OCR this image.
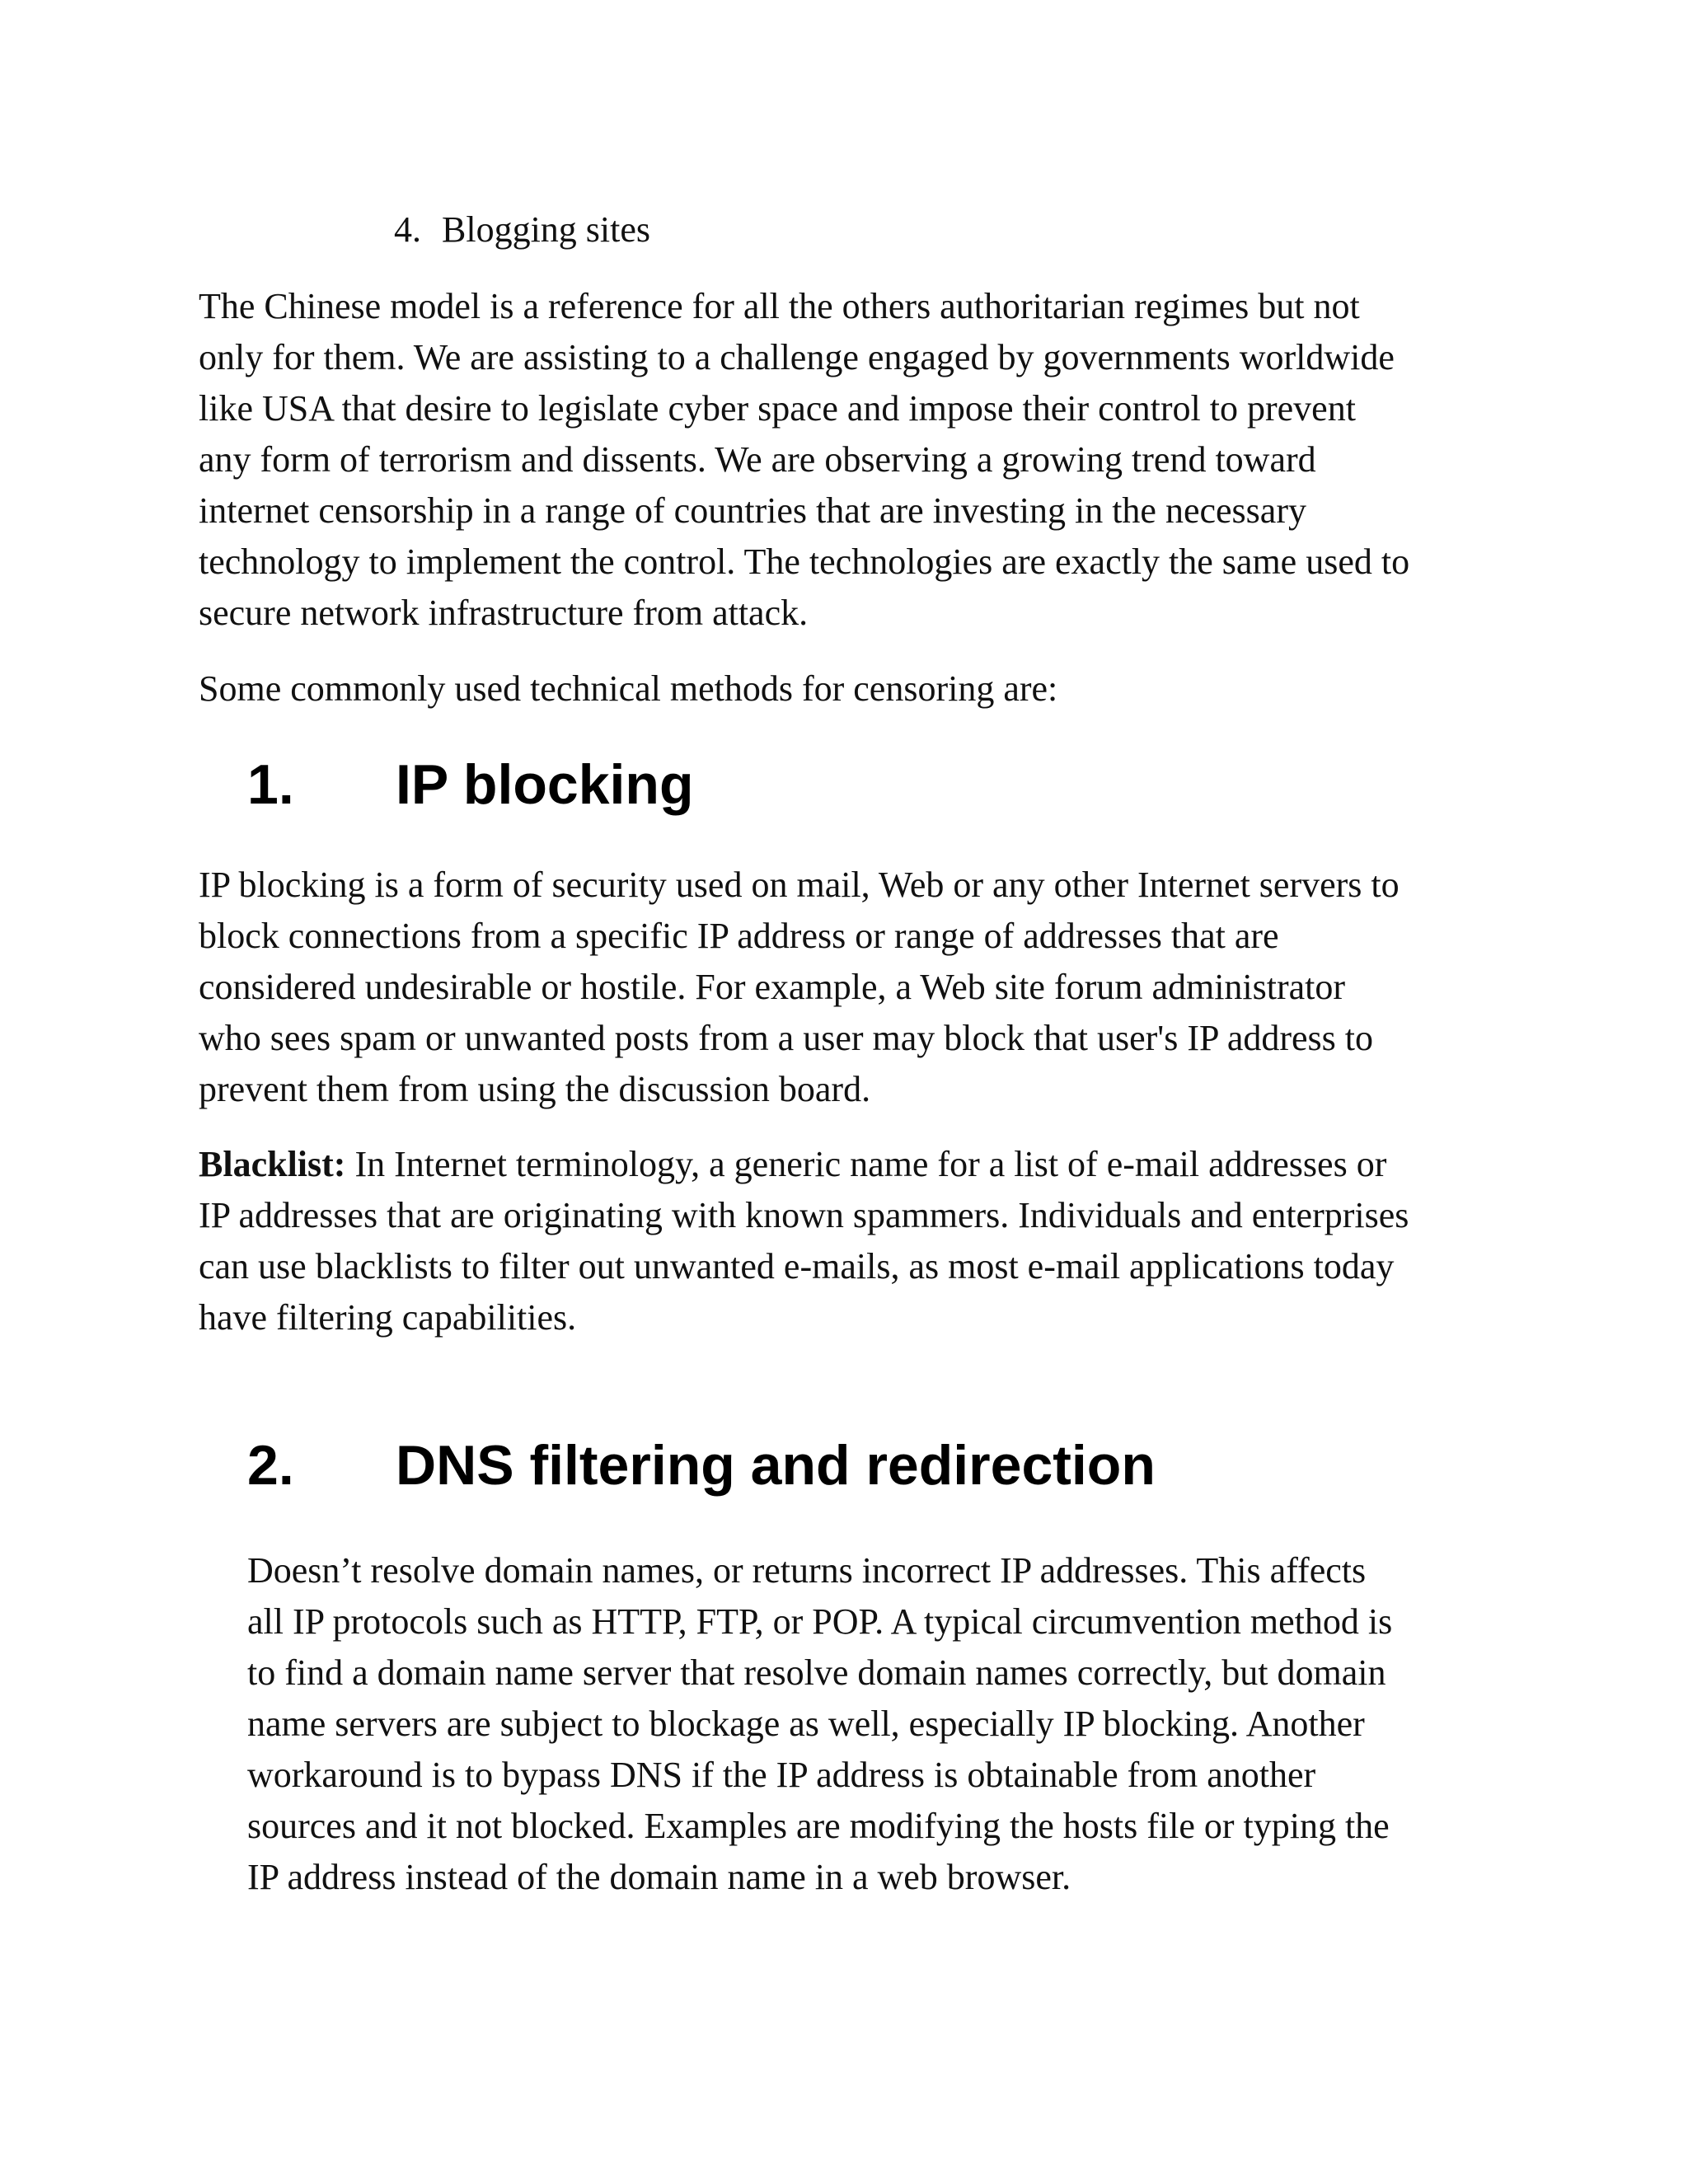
4. Blogging sites

The Chinese model is a reference for all the others authoritarian regimes but not
only for them. We are assisting to a challenge engaged by governments worldwide
like USA that desire to legislate cyber space and impose their control to prevent
any form of terrorism and dissents. We are observing a growing trend toward
internet censorship in a range of countries that are investing in the necessary
technology to implement the control. The technologies are exactly the same used to
secure network infrastructure from attack.

Some commonly used technical methods for censoring are:

1. IP blocking

IP blocking is a form of security used on mail, Web or any other Internet servers to
block connections from a specific IP address or range of addresses that are
considered undesirable or hostile. For example, a Web site forum administrator
who sees spam or unwanted posts from a user may block that user's IP address to
prevent them from using the discussion board.

Blacklist: In Internet terminology, a generic name for a list of e-mail addresses or
IP addresses that are originating with known spammers. Individuals and enterprises
can use blacklists to filter out unwanted e-mails, as most e-mail applications today
have filtering capabilities.

2. DNS filtering and redirection

Doesn’t resolve domain names, or returns incorrect IP addresses. This affects
all IP protocols such as HTTP, FTP, or POP. A typical circumvention method is
to find a domain name server that resolve domain names correctly, but domain
name servers are subject to blockage as well, especially IP blocking. Another
workaround is to bypass DNS if the IP address is obtainable from another
sources and it not blocked. Examples are modifying the hosts file or typing the
IP address instead of the domain name in a web browser.
